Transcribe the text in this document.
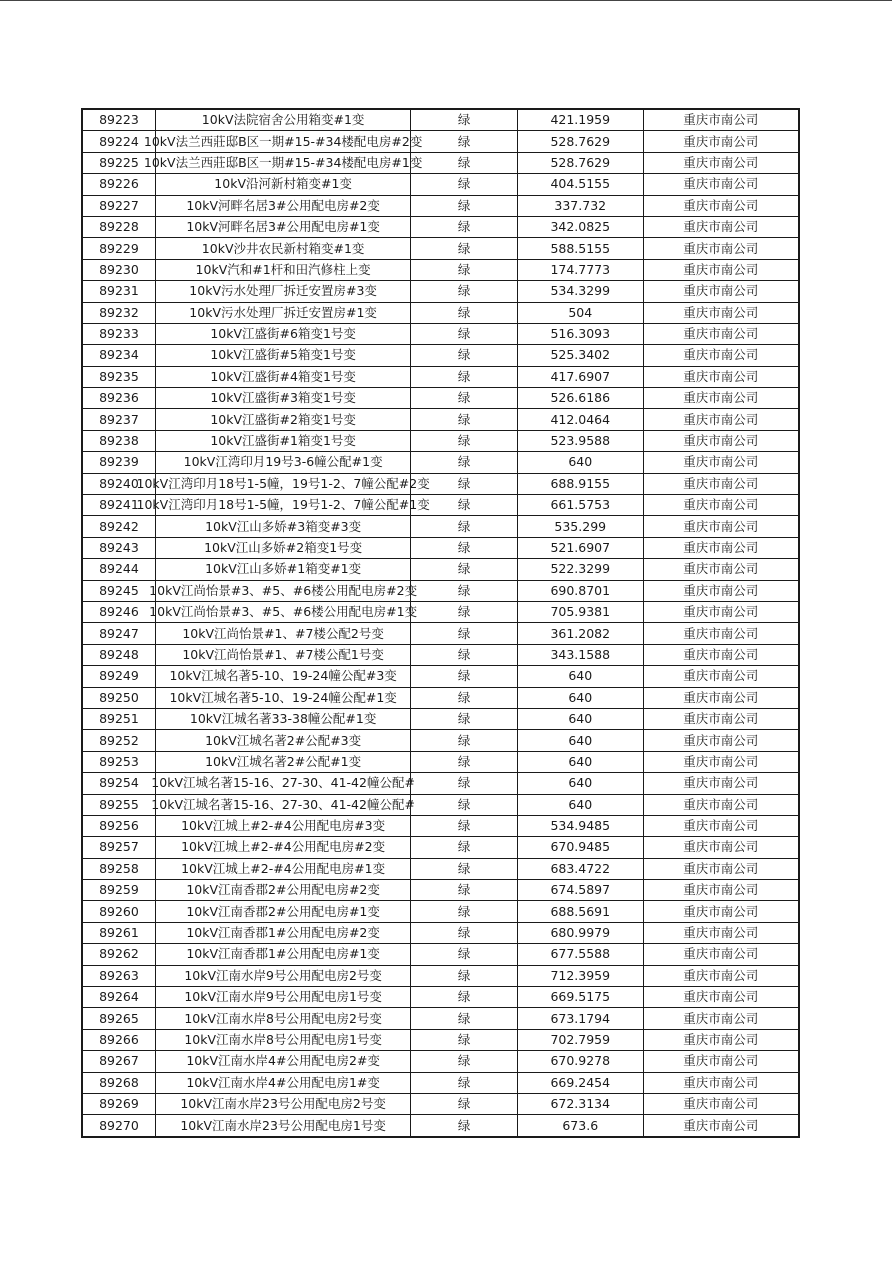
89223	10kV法院宿舍公用箱变#1变	绿	421.1959	重庆市南公司
89224	10kV法兰西莊邸B区一期#15-#34楼配电房#2变	绿	528.7629	重庆市南公司
89225	10kV法兰西莊邸B区一期#15-#34楼配电房#1变	绿	528.7629	重庆市南公司
89226	10kV沿河新村箱变#1变	绿	404.5155	重庆市南公司
89227	10kV河畔名居3#公用配电房#2变	绿	337.732	重庆市南公司
89228	10kV河畔名居3#公用配电房#1变	绿	342.0825	重庆市南公司
89229	10kV沙井农民新村箱变#1变	绿	588.5155	重庆市南公司
89230	10kV汽和#1杆和田汽修柱上变	绿	174.7773	重庆市南公司
89231	10kV污水处理厂拆迁安置房#3变	绿	534.3299	重庆市南公司
89232	10kV污水处理厂拆迁安置房#1变	绿	504	重庆市南公司
89233	10kV江盛街#6箱变1号变	绿	516.3093	重庆市南公司
89234	10kV江盛街#5箱变1号变	绿	525.3402	重庆市南公司
89235	10kV江盛街#4箱变1号变	绿	417.6907	重庆市南公司
89236	10kV江盛街#3箱变1号变	绿	526.6186	重庆市南公司
89237	10kV江盛街#2箱变1号变	绿	412.0464	重庆市南公司
89238	10kV江盛街#1箱变1号变	绿	523.9588	重庆市南公司
89239	10kV江湾印月19号3-6幢公配#1变	绿	640	重庆市南公司
89240	10kV江湾印月18号1-5幢，19号1-2、7幢公配#2变	绿	688.9155	重庆市南公司
89241	10kV江湾印月18号1-5幢，19号1-2、7幢公配#1变	绿	661.5753	重庆市南公司
89242	10kV江山多娇#3箱变#3变	绿	535.299	重庆市南公司
89243	10kV江山多娇#2箱变1号变	绿	521.6907	重庆市南公司
89244	10kV江山多娇#1箱变#1变	绿	522.3299	重庆市南公司
89245	10kV江尚怡景#3、#5、#6楼公用配电房#2变	绿	690.8701	重庆市南公司
89246	10kV江尚怡景#3、#5、#6楼公用配电房#1变	绿	705.9381	重庆市南公司
89247	10kV江尚怡景#1、#7楼公配2号变	绿	361.2082	重庆市南公司
89248	10kV江尚怡景#1、#7楼公配1号变	绿	343.1588	重庆市南公司
89249	10kV江城名著5-10、19-24幢公配#3变	绿	640	重庆市南公司
89250	10kV江城名著5-10、19-24幢公配#1变	绿	640	重庆市南公司
89251	10kV江城名著33-38幢公配#1变	绿	640	重庆市南公司
89252	10kV江城名著2#公配#3变	绿	640	重庆市南公司
89253	10kV江城名著2#公配#1变	绿	640	重庆市南公司
89254	10kV江城名著15-16、27-30、41-42幢公配#	绿	640	重庆市南公司
89255	10kV江城名著15-16、27-30、41-42幢公配#	绿	640	重庆市南公司
89256	10kV江城上#2-#4公用配电房#3变	绿	534.9485	重庆市南公司
89257	10kV江城上#2-#4公用配电房#2变	绿	670.9485	重庆市南公司
89258	10kV江城上#2-#4公用配电房#1变	绿	683.4722	重庆市南公司
89259	10kV江南香郡2#公用配电房#2变	绿	674.5897	重庆市南公司
89260	10kV江南香郡2#公用配电房#1变	绿	688.5691	重庆市南公司
89261	10kV江南香郡1#公用配电房#2变	绿	680.9979	重庆市南公司
89262	10kV江南香郡1#公用配电房#1变	绿	677.5588	重庆市南公司
89263	10kV江南水岸9号公用配电房2号变	绿	712.3959	重庆市南公司
89264	10kV江南水岸9号公用配电房1号变	绿	669.5175	重庆市南公司
89265	10kV江南水岸8号公用配电房2号变	绿	673.1794	重庆市南公司
89266	10kV江南水岸8号公用配电房1号变	绿	702.7959	重庆市南公司
89267	10kV江南水岸4#公用配电房2#变	绿	670.9278	重庆市南公司
89268	10kV江南水岸4#公用配电房1#变	绿	669.2454	重庆市南公司
89269	10kV江南水岸23号公用配电房2号变	绿	672.3134	重庆市南公司
89270	10kV江南水岸23号公用配电房1号变	绿	673.6	重庆市南公司
